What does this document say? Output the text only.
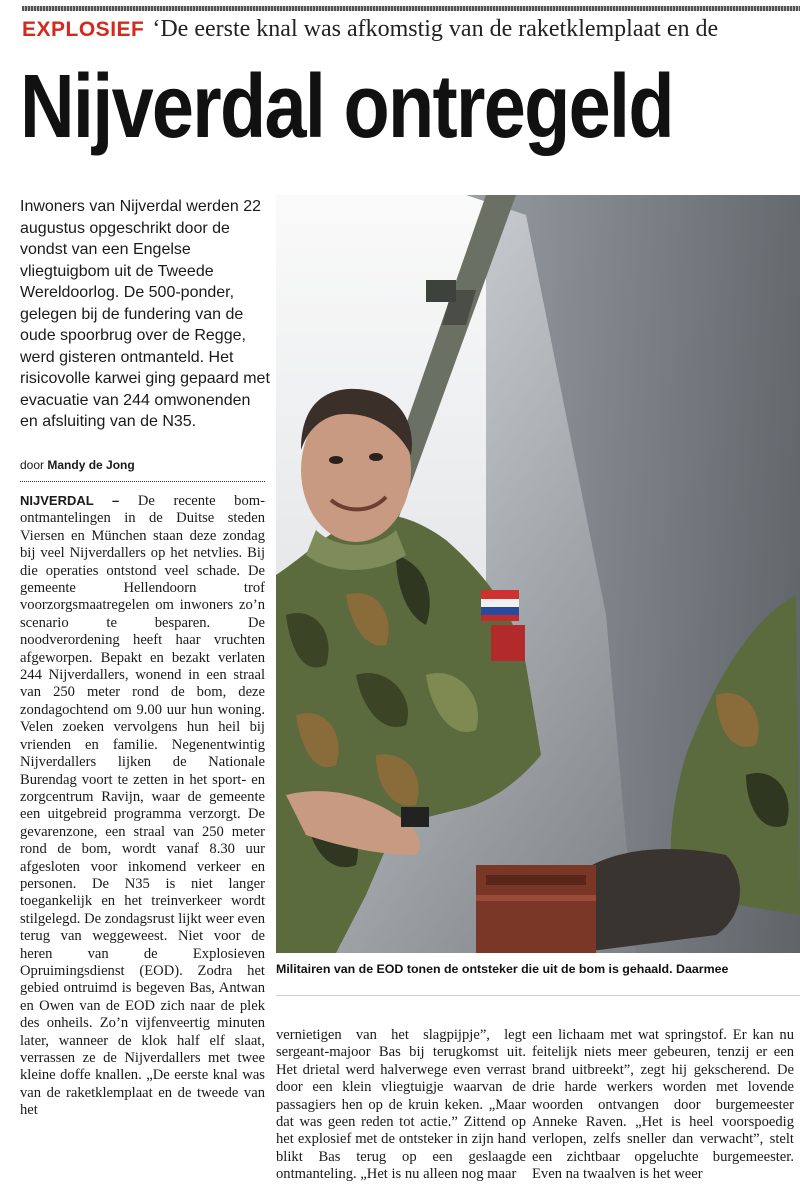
EXPLOSIEF ‘De eerste knal was afkomstig van de raketklemplaat en de
Nijverdal ontregeld
Inwoners van Nijverdal werden 22 augustus opgeschrikt door de vondst van een Engelse vliegtuigbom uit de Tweede Wereldoorlog. De 500-ponder, gelegen bij de fundering van de oude spoorbrug over de Regge, werd gisteren ontmanteld. Het risicovolle karwei ging gepaard met evacuatie van 244 omwonenden en afsluiting van de N35.
door Mandy de Jong
NIJVERDAL – De recente bom-ontmantelingen in de Duitse steden Viersen en München staan deze zondag bij veel Nijverdallers op het netvlies. Bij die operaties ontstond veel schade. De gemeente Hellendoorn trof voorzorgsmaatregelen om inwoners zo’n scenario te besparen. De noodverordening heeft haar vruchten afgeworpen. Bepakt en bezakt verlaten 244 Nijverdallers, wonend in een straal van 250 meter rond de bom, deze zondagochtend om 9.00 uur hun woning. Velen zoeken vervolgens hun heil bij vrienden en familie. Negenentwintig Nijverdallers lijken de Nationale Burendag voort te zetten in het sport- en zorgcentrum Ravijn, waar de gemeente een uitgebreid programma verzorgt. De gevarenzone, een straal van 250 meter rond de bom, wordt vanaf 8.30 uur afgesloten voor inkomend verkeer en personen. De N35 is niet langer toegankelijk en het treinverkeer wordt stilgelegd. De zondagsrust lijkt weer even terug van weggeweest. Niet voor de heren van de Explosieven Opruimingsdienst (EOD). Zodra het gebied ontruimd is begeven Bas, Antwan en Owen van de EOD zich naar de plek des onheils. Zo’n vijfenveertig minuten later, wanneer de klok half elf slaat, verrassen ze de Nijverdallers met twee kleine doffe knallen. „De eerste knal was van de raketklemplaat en de tweede van het
Militairen van de EOD tonen de ontsteker die uit de bom is gehaald. Daarmee
vernietigen van het slagpijpje”, legt sergeant-majoor Bas bij terugkomst uit. Het drietal werd halverwege even verrast door een klein vliegtuigje waarvan de passagiers hen op de kruin keken. „Maar dat was geen reden tot actie.” Zittend op het explosief met de ontsteker in zijn hand blikt Bas terug op een geslaagde ontmanteling. „Het is nu alleen nog maar
een lichaam met wat springstof. Er kan nu feitelijk niets meer gebeuren, tenzij er een brand uitbreekt”, zegt hij gekscherend. De drie harde werkers worden met lovende woorden ontvangen door burgemeester Anneke Raven. „Het is heel voorspoedig verlopen, zelfs sneller dan verwacht”, stelt een zichtbaar opgeluchte burgemeester. Even na twaalven is het weer
